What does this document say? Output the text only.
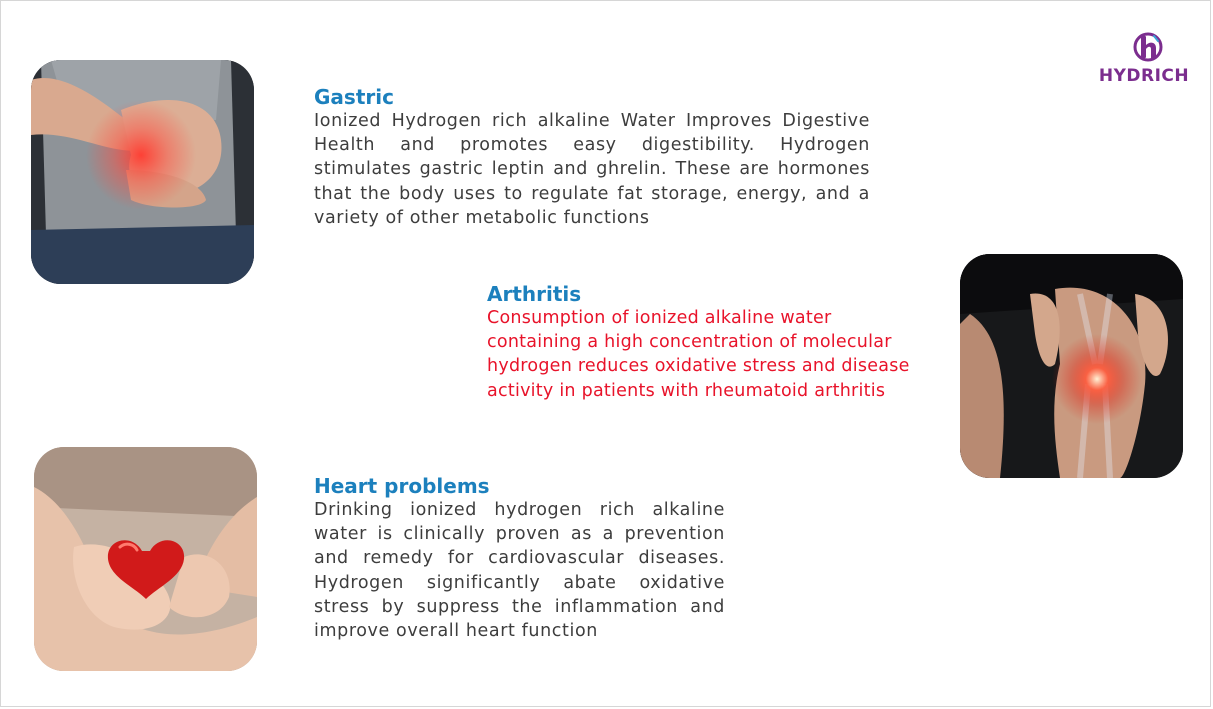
Gastric
Ionized Hydrogen rich alkaline Water Improves Digestive Health and promotes easy digestibility. Hydrogen stimulates gastric leptin and ghrelin. These are hormones that the body uses to regulate fat storage, energy, and a variety of other metabolic functions
Arthritis
Consumption of ionized alkaline water containing a high concentration of molecular hydrogen reduces oxidative stress and disease activity in patients with rheumatoid arthritis
Heart problems
Drinking ionized hydrogen rich alkaline water is clinically proven as a prevention and remedy for cardiovascular diseases. Hydrogen significantly abate oxidative stress by suppress the inflammation and improve overall heart function
HYDRICH
